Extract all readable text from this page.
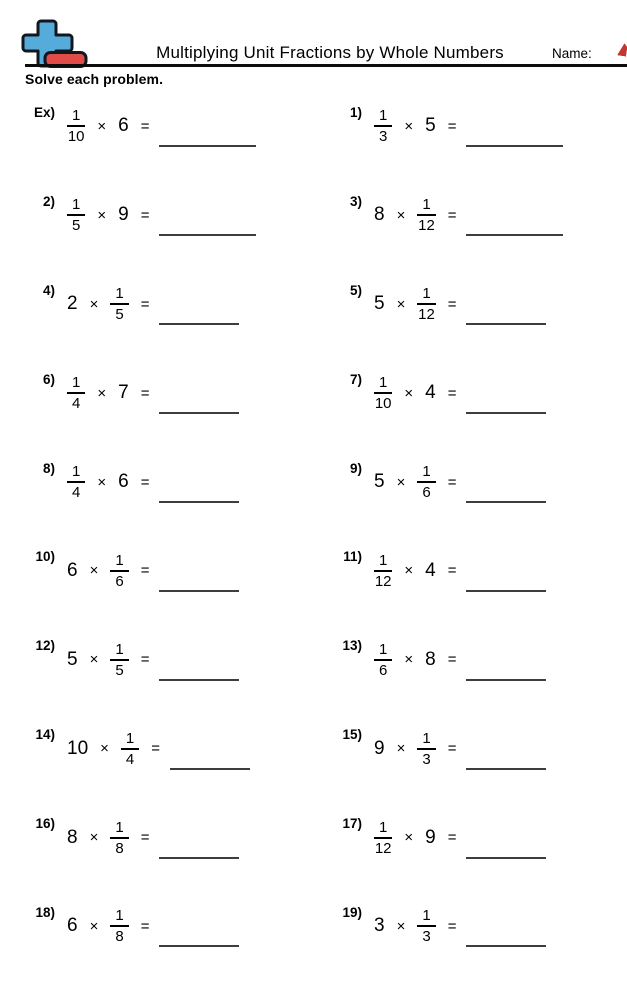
Multiplying Unit Fractions by Whole Numbers	Name:
Solve each problem.
$Ex) \frac{1}{10} \times 6$ =
$1) \frac{1}{3} \times 5$ =
$2) \frac{1}{5} \times 9$ =
3)
$8 \times \frac{1}{12}$ =
4)
$2 \times \frac{1}{5}$ =
5)
$5 \times \frac{1}{12}$ =
$6) \frac{1}{4} \times 7$ =
$7) \frac{1}{10} \times 4$ =
$8) \frac{1}{4} \times 6$ =
9)
$5 \times \frac{1}{6}$ =
10)
$6 \times \frac{1}{6}$ =
$11) \frac{1}{12} \times 4$ =
12)
$5 \times \frac{1}{5}$ =
$13) \frac{1}{6} \times 8$ =
14)
$10 \times \frac{1}{4}$ =
15)
$9 \times \frac{1}{3}$ =
16)
$8 \times \frac{1}{8}$ =
$17) \frac{1}{12} \times 9$ =
18)
$6 \times \frac{1}{8}$ =
19)
$3 \times \frac{1}{3}$ =
